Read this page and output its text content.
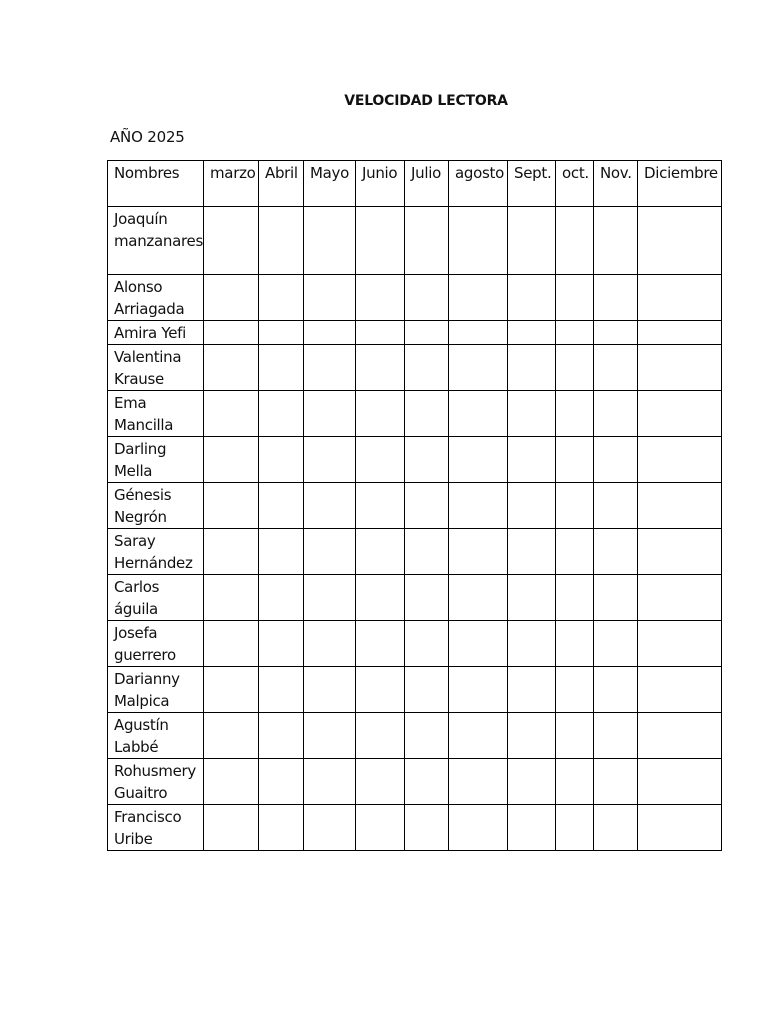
VELOCIDAD LECTORA
AÑO 2025
Nombres	marzo	Abril	Mayo	Junio	Julio	agosto	Sept.	oct.	Nov.	Diciembre
Joaquín manzanares										
Alonso Arriagada										
Amira Yefi										
Valentina Krause										
Ema Mancilla										
Darling Mella										
Génesis Negrón										
Saray Hernández										
Carlos águila										
Josefa guerrero										
Darianny Malpica										
Agustín Labbé										
Rohusmery Guaitro										
Francisco Uribe										
